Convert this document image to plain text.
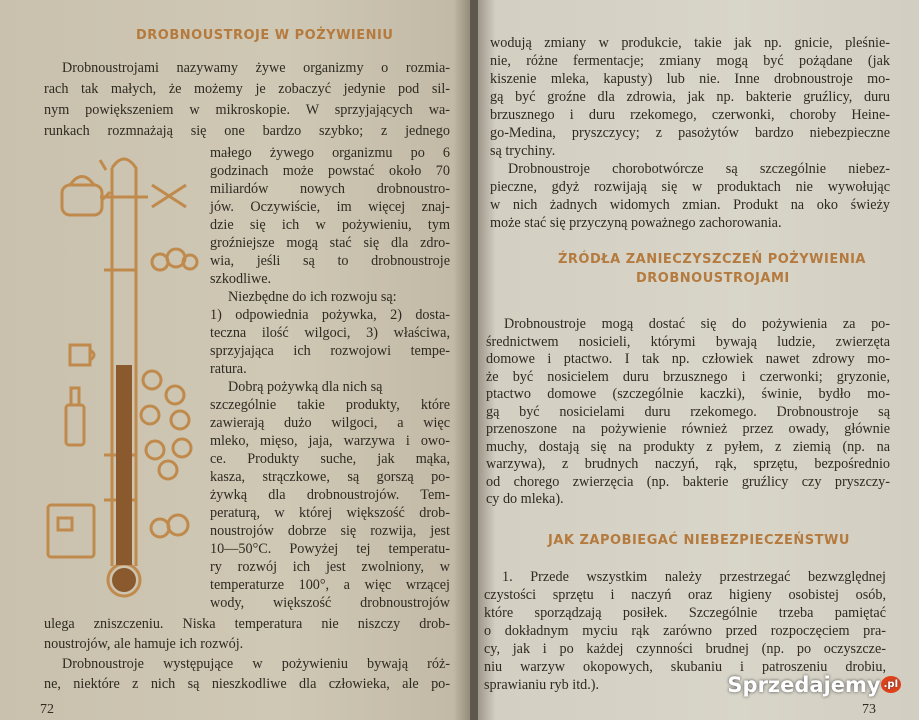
DROBNOUSTROJE W POŻYWIENIU
Drobnoustrojami nazywamy żywe organizmy o rozmia-
rach tak małych, że możemy je zobaczyć jedynie pod sil-
nym powiększeniem w mikroskopie. W sprzyjających wa-
runkach rozmnażają się one bardzo szybko; z jednego
małego żywego organizmu po 6
godzinach może powstać około 70
miliardów nowych drobnoustro-
jów. Oczywiście, im więcej znaj-
dzie się ich w pożywieniu, tym
groźniejsze mogą stać się dla zdro-
wia, jeśli są to drobnoustroje
szkodliwe.
Niezbędne do ich rozwoju są:
1) odpowiednia pożywka, 2) dosta-
teczna ilość wilgoci, 3) właściwa,
sprzyjająca ich rozwojowi tempe-
ratura.
Dobrą pożywką dla nich są
szczególnie takie produkty, które
zawierają dużo wilgoci, a więc
mleko, mięso, jaja, warzywa i owo-
ce. Produkty suche, jak mąka,
kasza, strączkowe, są gorszą po-
żywką dla drobnoustrojów. Tem-
peraturą, w której większość drob-
noustrojów dobrze się rozwija, jest
10—50°C. Powyżej tej temperatu-
ry rozwój ich jest zwolniony, w
temperaturze 100°, a więc wrzącej
wody, większość drobnoustrojów
ulega zniszczeniu. Niska temperatura nie niszczy drob-
noustrojów, ale hamuje ich rozwój.
Drobnoustroje występujące w pożywieniu bywają róż-
ne, niektóre z nich są nieszkodliwe dla człowieka, ale po-
72
wodują zmiany w produkcie, takie jak np. gnicie, pleśnie-
nie, różne fermentacje; zmiany mogą być pożądane (jak
kiszenie mleka, kapusty) lub nie. Inne drobnoustroje mo-
gą być groźne dla zdrowia, jak np. bakterie gruźlicy, duru
brzusznego i duru rzekomego, czerwonki, choroby Heine-
go-Medina, pryszczycy; z pasożytów bardzo niebezpieczne
są trychiny.
Drobnoustroje chorobotwórcze są szczególnie niebez-
pieczne, gdyż rozwijają się w produktach nie wywołując
w nich żadnych widomych zmian. Produkt na oko świeży
może stać się przyczyną poważnego zachorowania.
ŹRÓDŁA ZANIECZYSZCZEŃ POŻYWIENIA
DROBNOUSTROJAMI
Drobnoustroje mogą dostać się do pożywienia za po-
średnictwem nosicieli, którymi bywają ludzie, zwierzęta
domowe i ptactwo. I tak np. człowiek nawet zdrowy mo-
że być nosicielem duru brzusznego i czerwonki; gryzonie,
ptactwo domowe (szczególnie kaczki), świnie, bydło mo-
gą być nosicielami duru rzekomego. Drobnoustroje są
przenoszone na pożywienie również przez owady, głównie
muchy, dostają się na produkty z pyłem, z ziemią (np. na
warzywa), z brudnych naczyń, rąk, sprzętu, bezpośrednio
od chorego zwierzęcia (np. bakterie gruźlicy czy pryszczy-
cy do mleka).
JAK ZAPOBIEGAĆ NIEBEZPIECZEŃSTWU
1. Przede wszystkim należy przestrzegać bezwzględnej
czystości sprzętu i naczyń oraz higieny osobistej osób,
które sporządzają posiłek. Szczególnie trzeba pamiętać
o dokładnym myciu rąk zarówno przed rozpoczęciem pra-
cy, jak i po każdej czynności brudnej (np. po oczyszcze-
niu warzyw okopowych, skubaniu i patroszeniu drobiu,
sprawianiu ryb itd.).
73
Sprzedajemy $^{.pl}$
